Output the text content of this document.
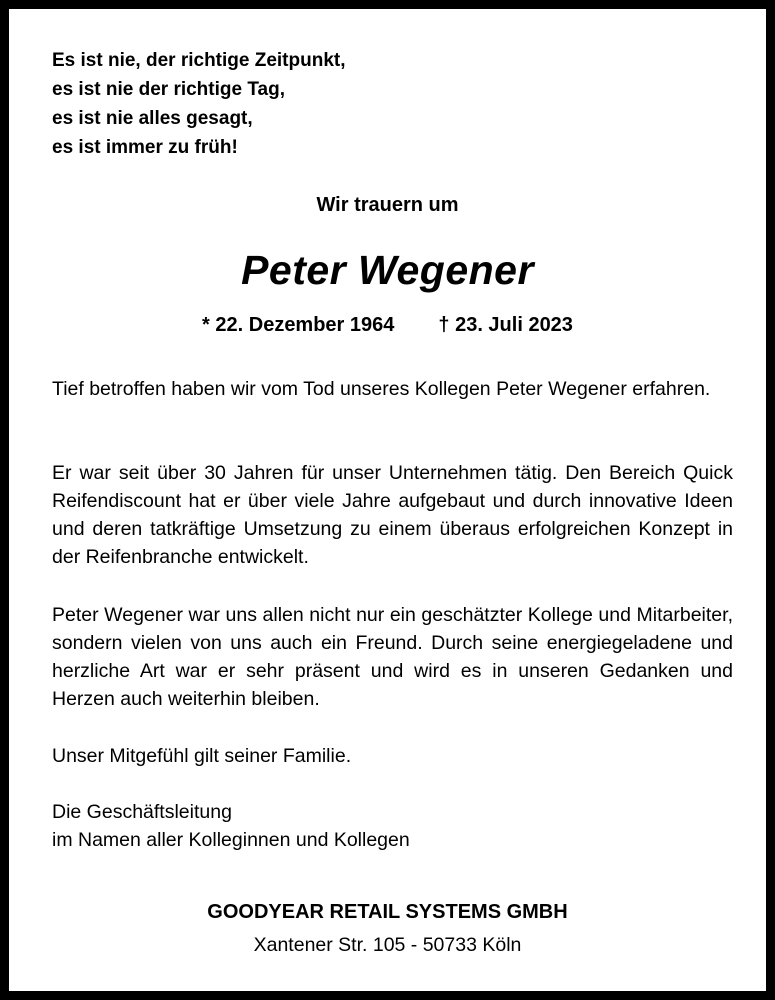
Es ist nie, der richtige Zeitpunkt,
es ist nie der richtige Tag,
es ist nie alles gesagt,
es ist immer zu früh!
Wir trauern um
Peter Wegener
* 22. Dezember 1964 † 23. Juli 2023
Tief betroffen haben wir vom Tod unseres Kollegen Peter Wegener erfahren.
Er war seit über 30 Jahren für unser Unternehmen tätig. Den Bereich Quick Reifendiscount hat er über viele Jahre aufgebaut und durch innovative Ideen und deren tatkräftige Umsetzung zu einem überaus erfolgreichen Konzept in der Reifenbranche entwickelt.
Peter Wegener war uns allen nicht nur ein geschätzter Kollege und Mitarbeiter, sondern vielen von uns auch ein Freund. Durch seine energiegeladene und herzliche Art war er sehr präsent und wird es in unseren Gedanken und Herzen auch weiterhin bleiben.
Unser Mitgefühl gilt seiner Familie.
Die Geschäftsleitung
im Namen aller Kolleginnen und Kollegen
GOODYEAR RETAIL SYSTEMS GMBH
Xantener Str. 105 - 50733 Köln
